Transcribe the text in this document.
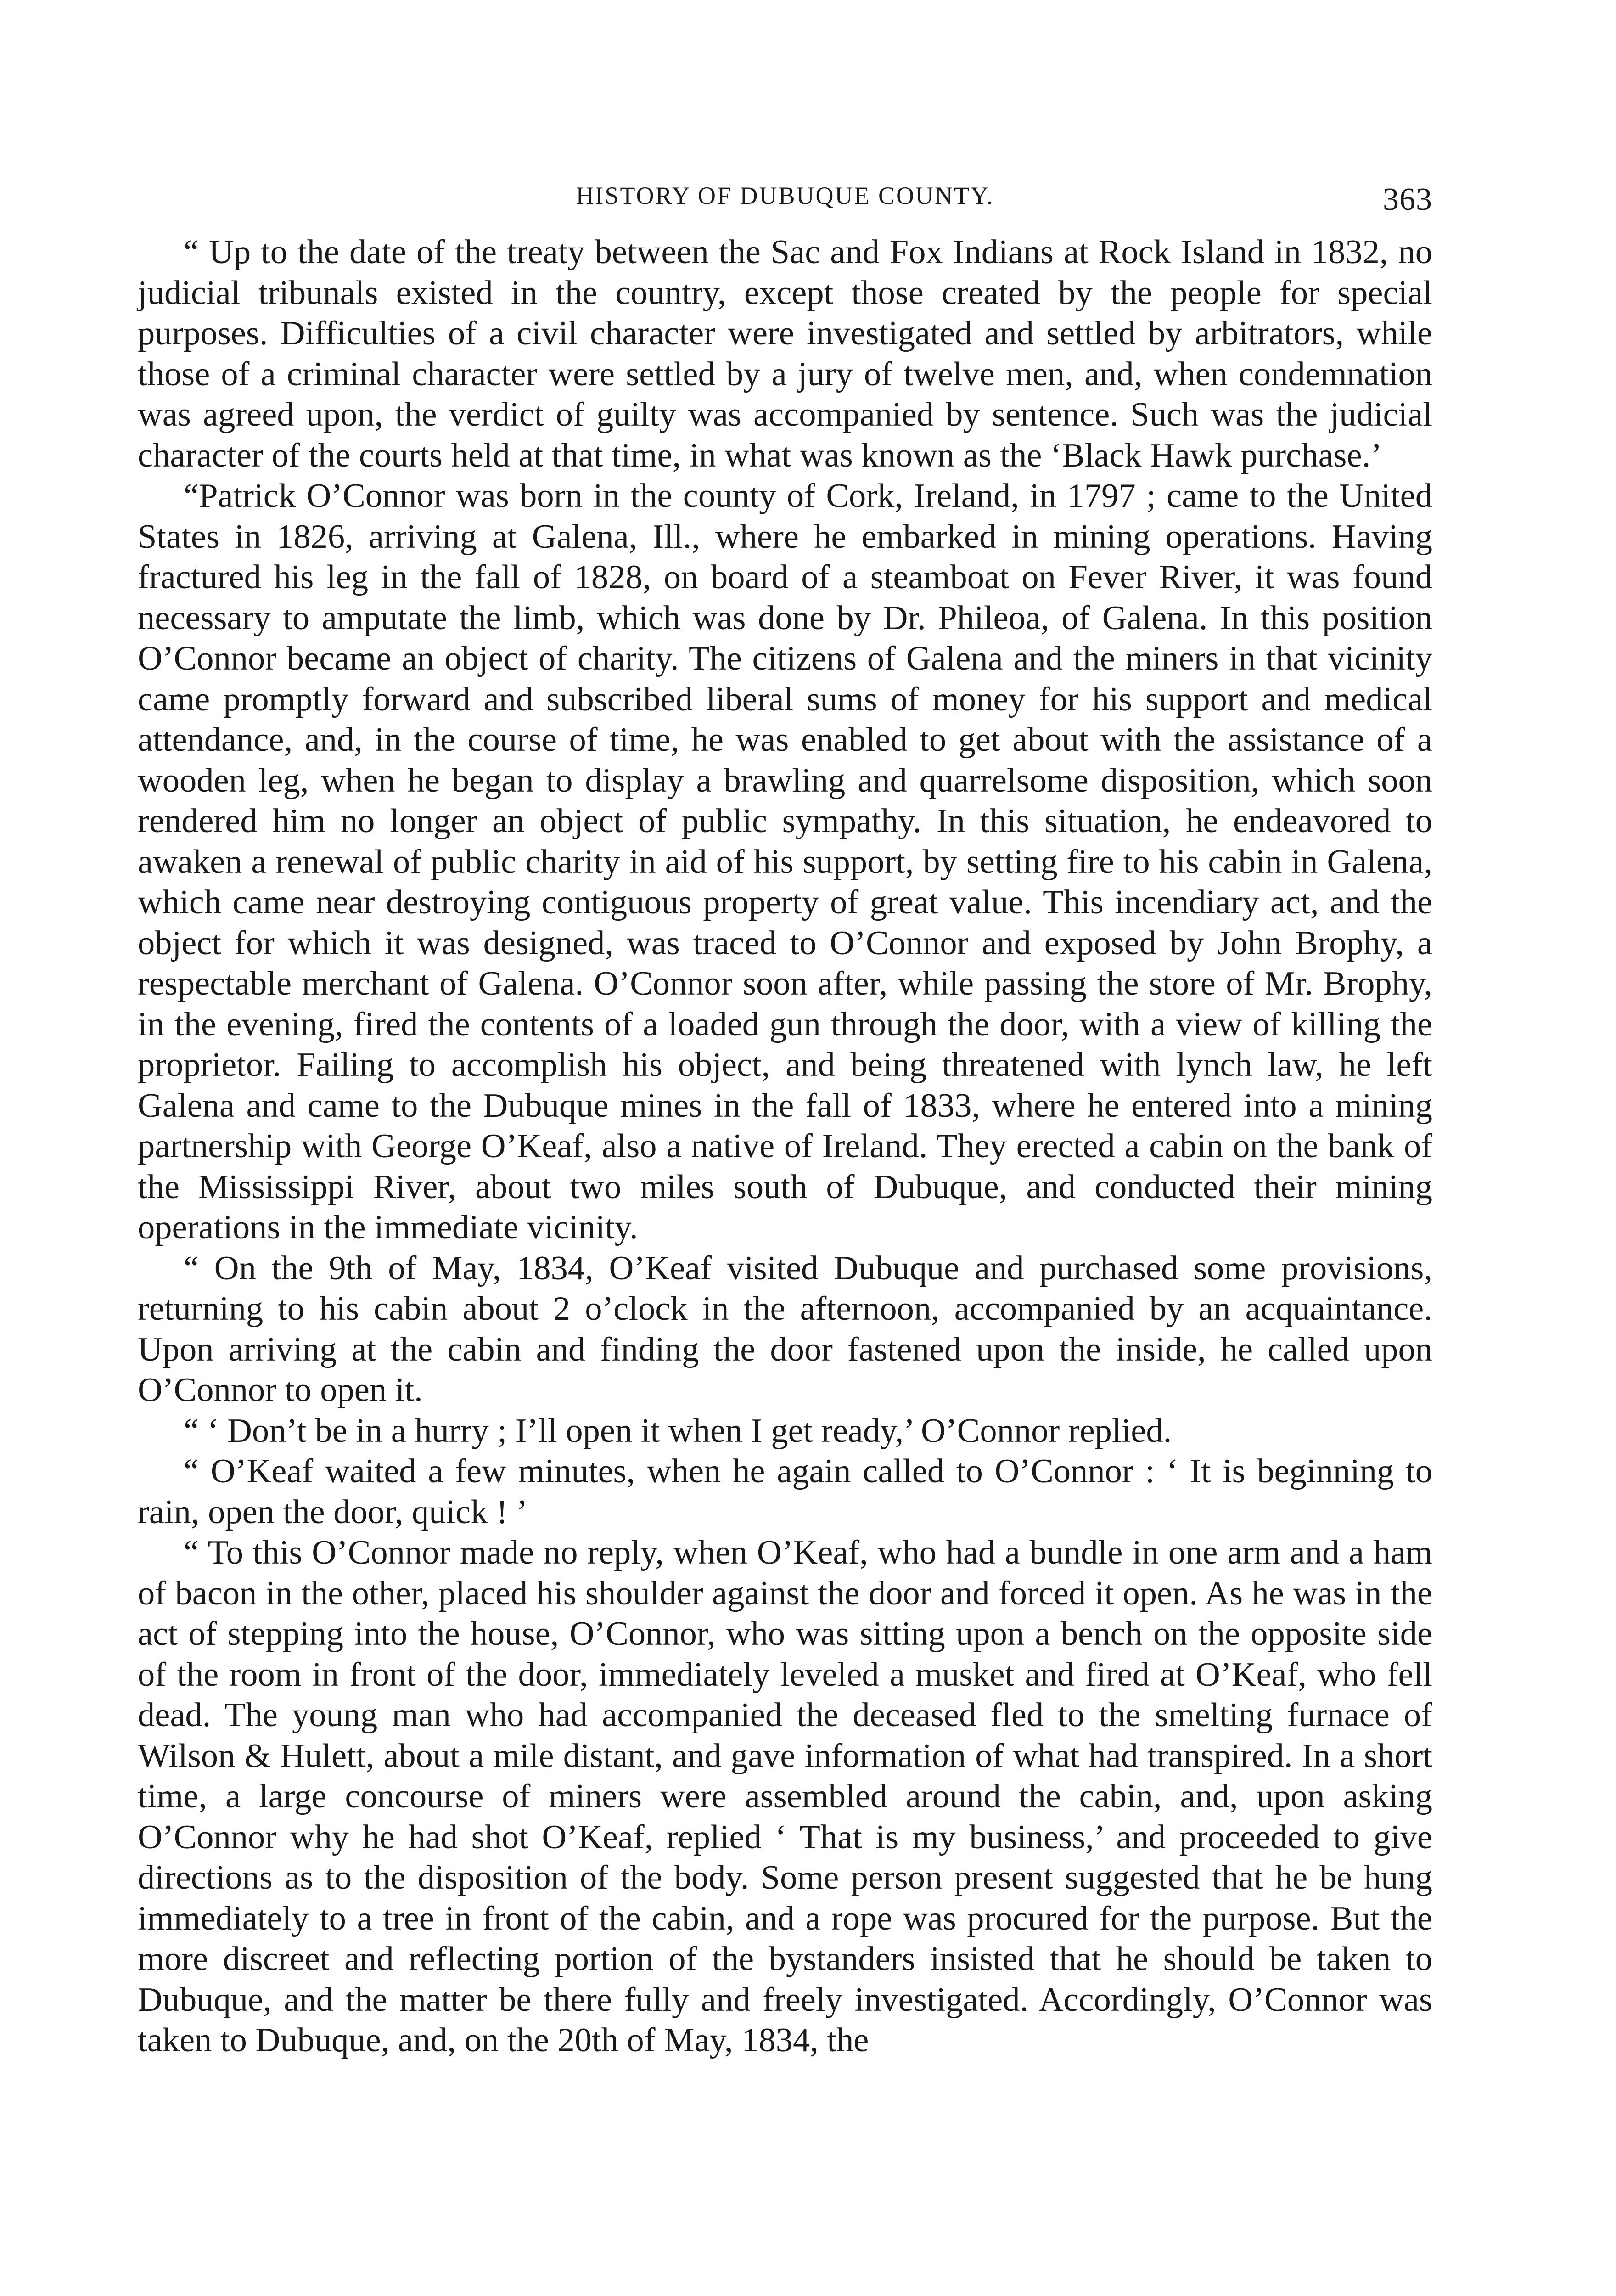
HISTORY OF DUBUQUE COUNTY.	363

“ Up to the date of the treaty between the Sac and Fox Indians at Rock Island in 1832, no judicial tribunals existed in the country, except those created by the people for special purposes. Difficulties of a civil character were investigated and settled by arbitrators, while those of a criminal character were settled by a jury of twelve men, and, when condemnation was agreed upon, the verdict of guilty was accompanied by sentence. Such was the judicial character of the courts held at that time, in what was known as the ‘Black Hawk purchase.’

“Patrick O’Connor was born in the county of Cork, Ireland, in 1797 ; came to the United States in 1826, arriving at Galena, Ill., where he embarked in mining operations. Having fractured his leg in the fall of 1828, on board of a steamboat on Fever River, it was found necessary to amputate the limb, which was done by Dr. Phileoa, of Galena. In this position O’Connor became an object of charity. The citizens of Galena and the miners in that vicinity came promptly forward and subscribed liberal sums of money for his support and medical attendance, and, in the course of time, he was enabled to get about with the assistance of a wooden leg, when he began to display a brawling and quarrelsome disposition, which soon rendered him no longer an object of public sympathy. In this situation, he endeavored to awaken a renewal of public charity in aid of his support, by setting fire to his cabin in Galena, which came near destroying contiguous property of great value. This incendiary act, and the object for which it was designed, was traced to O’Connor and exposed by John Brophy, a respectable merchant of Galena. O’Connor soon after, while passing the store of Mr. Brophy, in the evening, fired the contents of a loaded gun through the door, with a view of killing the proprietor. Failing to accomplish his object, and being threatened with lynch law, he left Galena and came to the Dubuque mines in the fall of 1833, where he entered into a mining partnership with George O’Keaf, also a native of Ireland. They erected a cabin on the bank of the Mississippi River, about two miles south of Dubuque, and conducted their mining operations in the immediate vicinity.

“ On the 9th of May, 1834, O’Keaf visited Dubuque and purchased some provisions, returning to his cabin about 2 o’clock in the afternoon, accompanied by an acquaintance. Upon arriving at the cabin and finding the door fastened upon the inside, he called upon O’Connor to open it.

“ ‘ Don’t be in a hurry ; I’ll open it when I get ready,’ O’Connor replied.

“ O’Keaf waited a few minutes, when he again called to O’Connor : ‘ It is beginning to rain, open the door, quick ! ’

“ To this O’Connor made no reply, when O’Keaf, who had a bundle in one arm and a ham of bacon in the other, placed his shoulder against the door and forced it open. As he was in the act of stepping into the house, O’Connor, who was sitting upon a bench on the opposite side of the room in front of the door, immediately leveled a musket and fired at O’Keaf, who fell dead. The young man who had accompanied the deceased fled to the smelting furnace of Wilson & Hulett, about a mile distant, and gave information of what had transpired. In a short time, a large concourse of miners were assembled around the cabin, and, upon asking O’Connor why he had shot O’Keaf, replied ‘ That is my business,’ and proceeded to give directions as to the disposition of the body. Some person present suggested that he be hung immediately to a tree in front of the cabin, and a rope was procured for the purpose. But the more discreet and reflecting portion of the bystanders insisted that he should be taken to Dubuque, and the matter be there fully and freely investigated. Accordingly, O’Connor was taken to Dubuque, and, on the 20th of May, 1834, the
